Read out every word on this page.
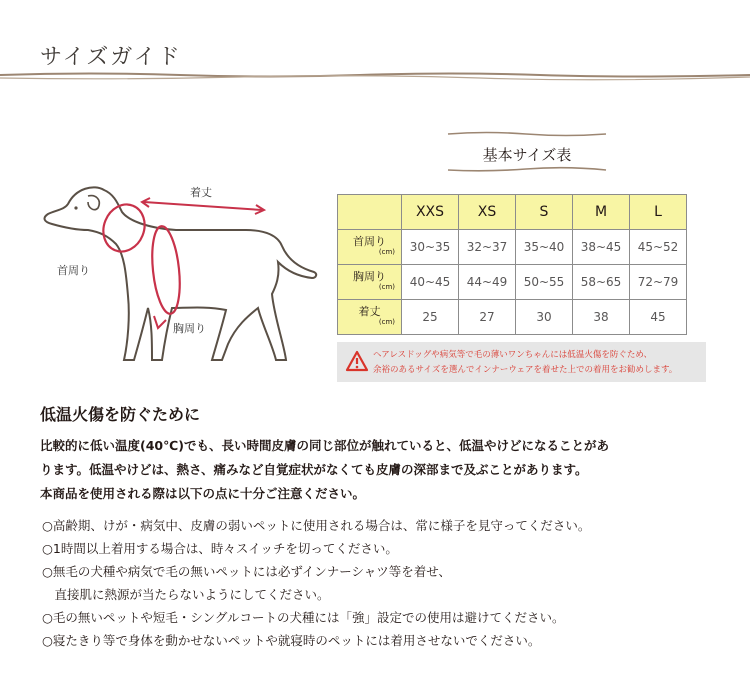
サイズガイド
基本サイズ表
着丈
首周り
胸周り
	XXS	XS	S	M	L
首周り
(cm)	30~35	32~37	35~40	38~45	45~52
胸周り
(cm)	40~45	44~49	50~55	58~65	72~79
着丈
(cm)	25	27	30	38	45
ヘアレスドッグや病気等で毛の薄いワンちゃんには低温火傷を防ぐため、
余裕のあるサイズを選んでインナーウェアを着せた上での着用をお勧めします。
低温火傷を防ぐために
比較的に低い温度(40℃)でも、長い時間皮膚の同じ部位が触れていると、低温やけどになることがあ
ります。低温やけどは、熱さ、痛みなど自覚症状がなくても皮膚の深部まで及ぶことがあります。
本商品を使用される際は以下の点に十分ご注意ください。
○高齢期、けが・病気中、皮膚の弱いペットに使用される場合は、常に様子を見守ってください。
○1時間以上着用する場合は、時々スイッチを切ってください。
○無毛の犬種や病気で毛の無いペットには必ずインナーシャツ等を着せ、
　直接肌に熱源が当たらないようにしてください。
○毛の無いペットや短毛・シングルコートの犬種には「強」設定での使用は避けてください。
○寝たきり等で身体を動かせないペットや就寝時のペットには着用させないでください。
